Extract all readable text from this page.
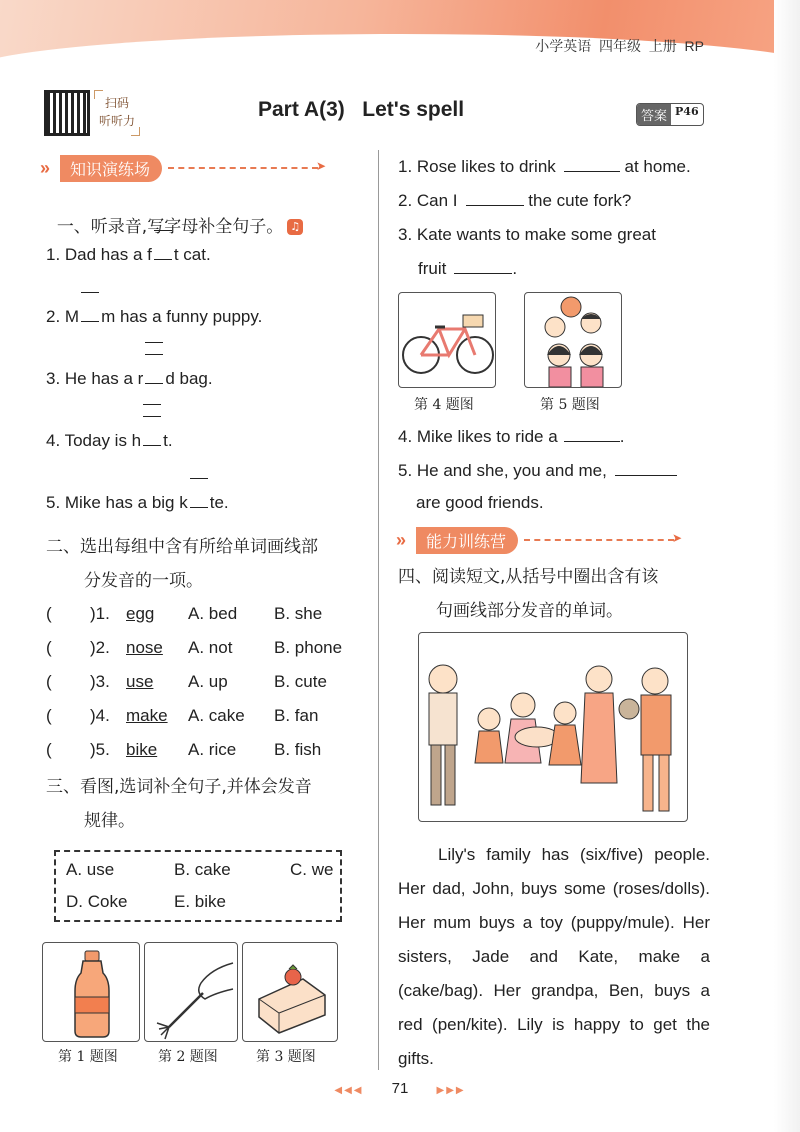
小学英语  四年级  上册  RP
扫码
听听力	Part A(3)   Let's spell	答案 P46
»	知识演练场
➤

一、听录音,写字母补全句子。 ♫

1. Dad has a f t cat.
2. M m has a funny puppy.
3. He has a r d bag.
4. Today is h t.
5. Mike has a big k te.
二、选出每组中含有所给单词画线部
分发音的一项。
( )1. egg A. bed B. she
( )2. nose A. not B. phone
( )3. use A. up	B. cute
( )4. make A. cake B. fan
( )5. bike A. rice B. fish
三、看图,选词补全句子,并体会发音
规律。
A. use	B. cake	C. we
D. Coke	E. bike
第 1 题图	第 2 题图	第 3 题图
1. Rose likes to drink	at home.
2. Can I	the cute fork?
3. Kate wants to make some great
fruit	.
第 4 题图	第 5 题图
4. Mike likes to ride a	.
5. He and she, you and me,
are good friends.
»	能力训练营
➤
四、阅读短文,从括号中圈出含有该
句画线部分发音的单词。

Lily's family has (six/five) people. Her dad, John, buys some (roses/dolls). Her mum buys a toy (puppy/mule). Her sisters, Jade and Kate, make a (cake/bag). Her grandpa, Ben, buys a red (pen/kite). Lily is happy to get the gifts.

◀◀◀ 71	▶▶▶
